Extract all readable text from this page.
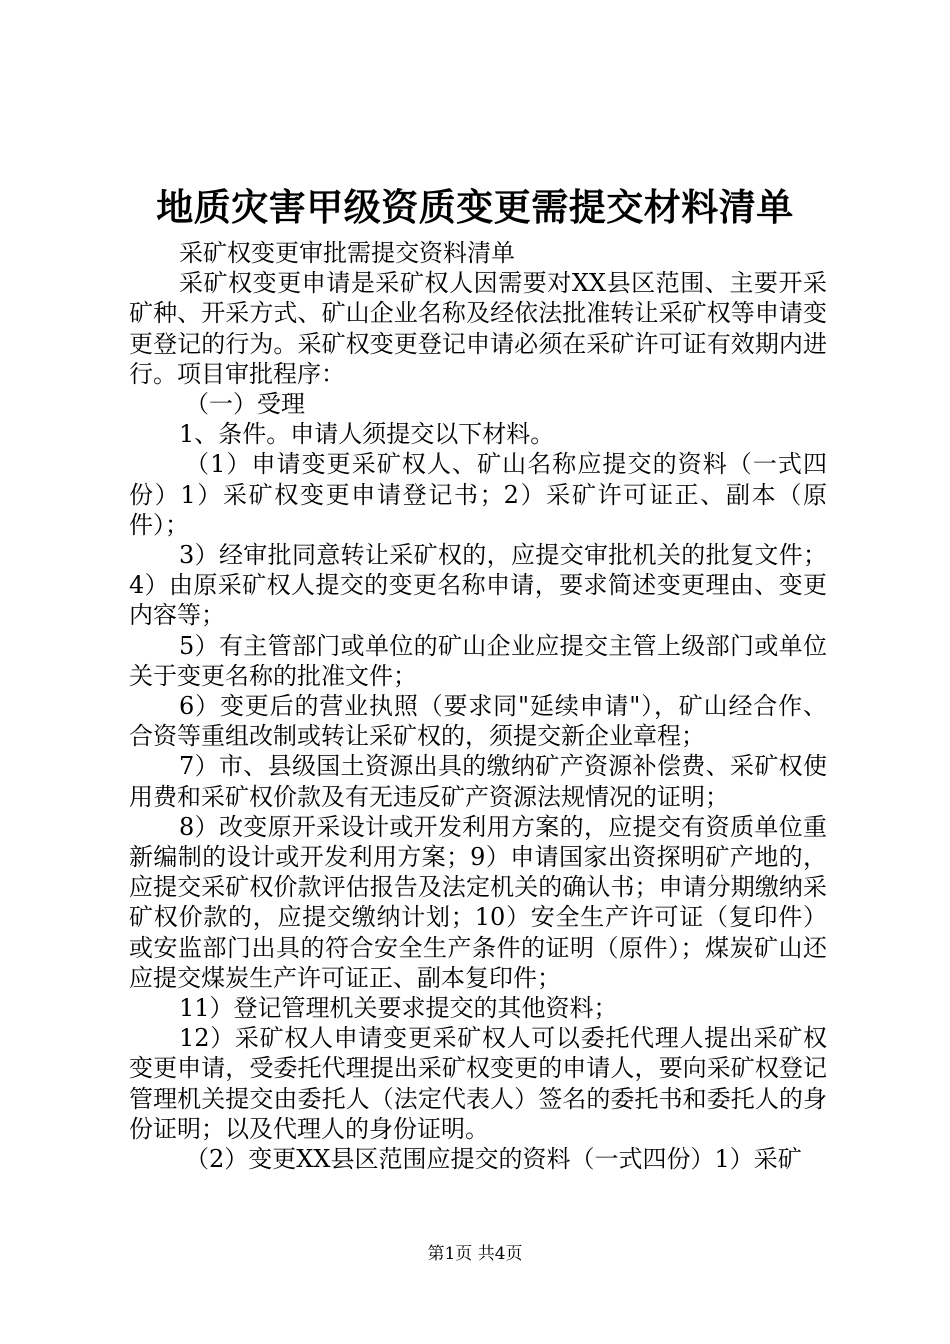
地质灾害甲级资质变更需提交材料清单

采矿权变更审批需提交资料清单

采矿权变更申请是采矿权人因需要对XX县区范围、主要开采矿种、开采方式、矿山企业名称及经依法批准转让采矿权等申请变更登记的行为。采矿权变更登记申请必须在采矿许可证有效期内进行。项目审批程序：

（一）受理

1、条件。申请人须提交以下材料。

（1）申请变更采矿权人、矿山名称应提交的资料（一式四份）1）采矿权变更申请登记书；2）采矿许可证正、副本（原件）；

3）经审批同意转让采矿权的，应提交审批机关的批复文件；4）由原采矿权人提交的变更名称申请，要求简述变更理由、变更内容等；

5）有主管部门或单位的矿山企业应提交主管上级部门或单位关于变更名称的批准文件；

6）变更后的营业执照（要求同"延续申请"），矿山经合作、合资等重组改制或转让采矿权的，须提交新企业章程；

7）市、县级国土资源出具的缴纳矿产资源补偿费、采矿权使用费和采矿权价款及有无违反矿产资源法规情况的证明；

8）改变原开采设计或开发利用方案的，应提交有资质单位重新编制的设计或开发利用方案；9）申请国家出资探明矿产地的，应提交采矿权价款评估报告及法定机关的确认书；申请分期缴纳采矿权价款的，应提交缴纳计划；10）安全生产许可证（复印件）或安监部门出具的符合安全生产条件的证明（原件）；煤炭矿山还应提交煤炭生产许可证正、副本复印件；

11）登记管理机关要求提交的其他资料；

12）采矿权人申请变更采矿权人可以委托代理人提出采矿权变更申请，受委托代理提出采矿权变更的申请人，要向采矿权登记管理机关提交由委托人（法定代表人）签名的委托书和委托人的身份证明；以及代理人的身份证明。

（2）变更XX县区范围应提交的资料（一式四份）1）采矿

第1页 共4页
